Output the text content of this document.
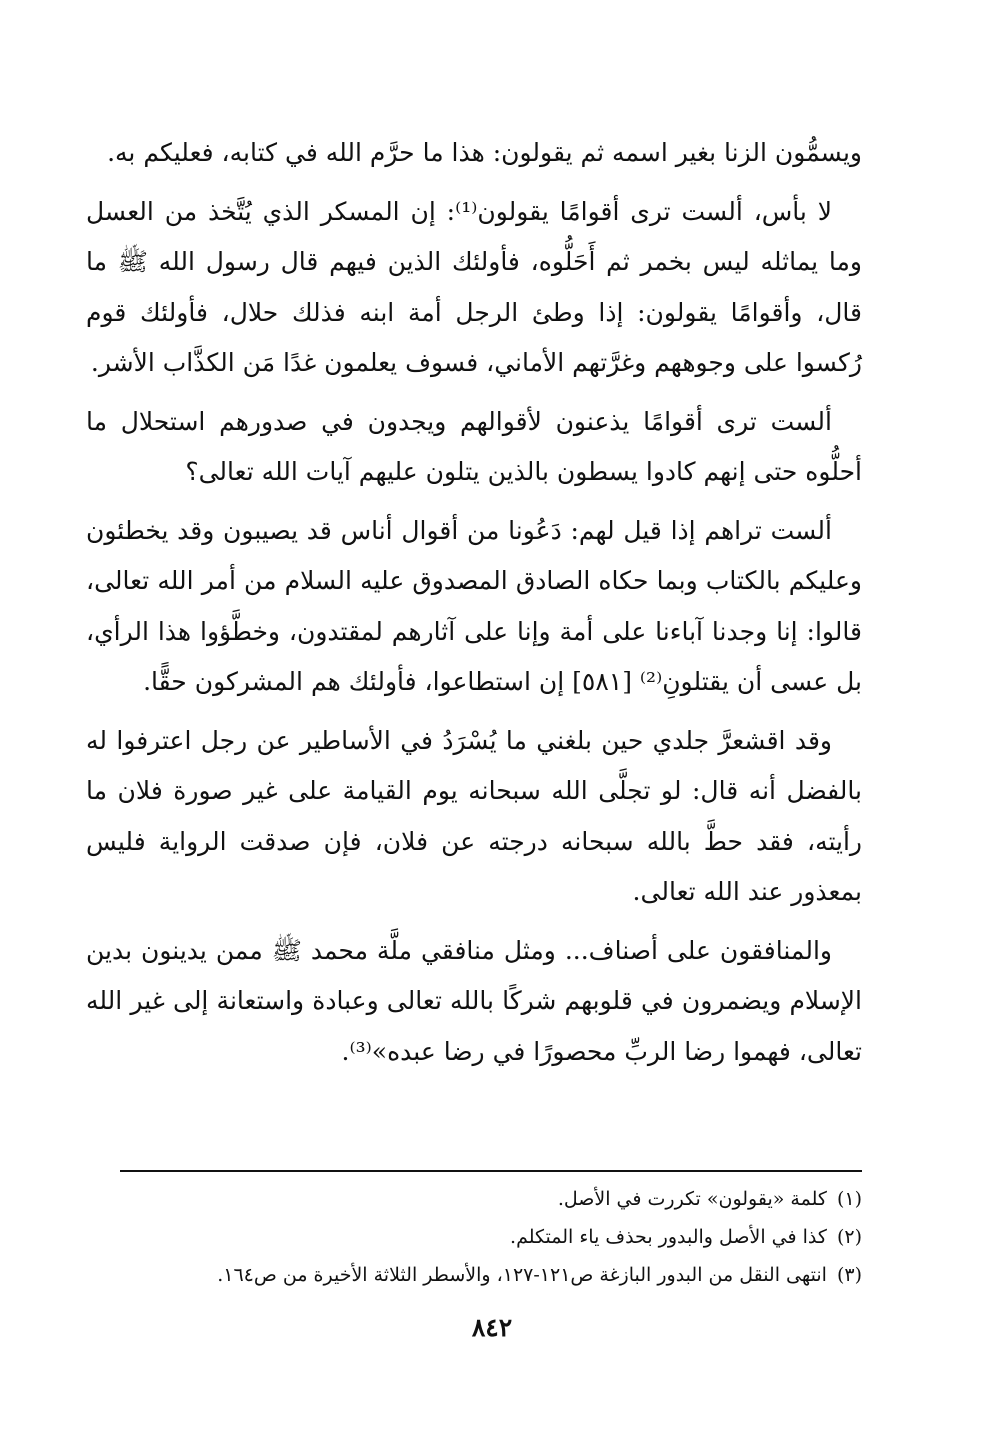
ويسمُّون الزنا بغير اسمه ثم يقولون: هذا ما حرَّم الله في كتابه، فعليكم به.

لا بأس، ألست ترى أقوامًا يقولون⁽¹⁾: إن المسكر الذي يُتَّخذ من العسل وما يماثله ليس بخمر ثم أَحَلُّوه، فأولئك الذين فيهم قال رسول الله ﷺ ما قال، وأقوامًا يقولون: إذا وطئ الرجل أمة ابنه فذلك حلال، فأولئك قوم رُكسوا على وجوههم وغرَّتهم الأماني، فسوف يعلمون غدًا مَن الكذَّاب الأشر.

ألست ترى أقوامًا يذعنون لأقوالهم ويجدون في صدورهم استحلال ما أحلُّوه حتى إنهم كادوا يسطون بالذين يتلون عليهم آيات الله تعالى؟

ألست تراهم إذا قيل لهم: دَعُونا من أقوال أناس قد يصيبون وقد يخطئون وعليكم بالكتاب وبما حكاه الصادق المصدوق عليه السلام من أمر الله تعالى، قالوا: إنا وجدنا آباءنا على أمة وإنا على آثارهم لمقتدون، وخطَّؤوا هذا الرأي، بل عسى أن يقتلونِ⁽²⁾ [٥٨١] إن استطاعوا، فأولئك هم المشركون حقًّا.

وقد اقشعرَّ جلدي حين بلغني ما يُسْرَدُ في الأساطير عن رجل اعترفوا له بالفضل أنه قال: لو تجلَّى الله سبحانه يوم القيامة على غير صورة فلان ما رأيته، فقد حطَّ بالله سبحانه درجته عن فلان، فإن صدقت الرواية فليس بمعذور عند الله تعالى.

والمنافقون على أصناف... ومثل منافقي ملَّة محمد ﷺ ممن يدينون بدين الإسلام ويضمرون في قلوبهم شركًا بالله تعالى وعبادة واستعانة إلى غير الله تعالى، فهموا رضا الربِّ محصورًا في رضا عبده»⁽³⁾.

(١)كلمة «يقولون» تكررت في الأصل.
(٢)كذا في الأصل والبدور بحذف ياء المتكلم.
(٣)انتهى النقل من البدور البازغة ص١٢١-١٢٧، والأسطر الثلاثة الأخيرة من ص١٦٤.
٨٤٢
